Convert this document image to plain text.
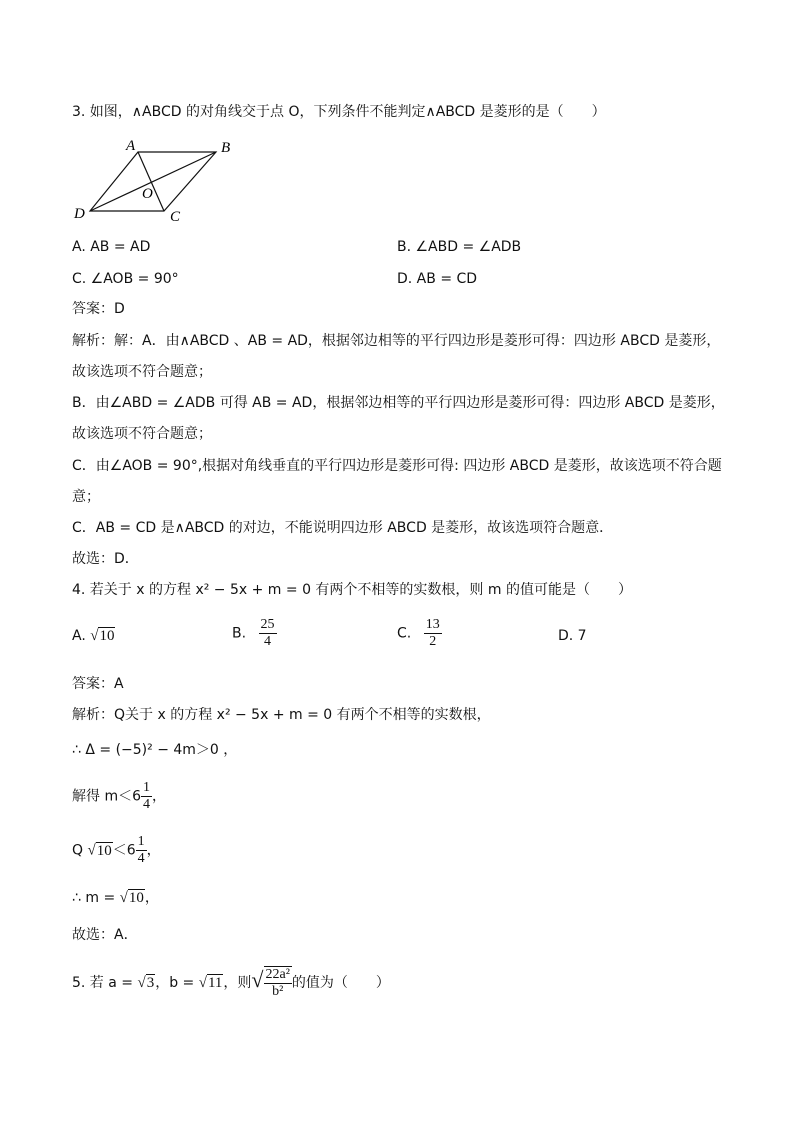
3. 如图，∧ABCD 的对角线交于点 O，下列条件不能判定∧ABCD 是菱形的是（　　）
A	B
C
D
O
A. AB = AD	B. ∠ABD = ∠ADB
C. ∠AOB = 90°	D. AB = CD
答案：D
解析：解：A．由∧ABCD 、AB = AD，根据邻边相等的平行四边形是菱形可得：四边形 ABCD 是菱形，
故该选项不符合题意；
B．由∠ABD = ∠ADB 可得 AB = AD，根据邻边相等的平行四边形是菱形可得：四边形 ABCD 是菱形，
故该选项不符合题意；
C．由∠AOB = 90°,根据对角线垂直的平行四边形是菱形可得: 四边形 ABCD 是菱形，故该选项不符合题
意；
C．AB = CD 是∧ABCD 的对边，不能说明四边形 ABCD 是菱形，故该选项符合题意．
故选：D．
4. 若关于 x 的方程 x² − 5x + m = 0 有两个不相等的实数根，则 m 的值可能是（　　）
A. √10	B. $\frac{25}{4}$	C. $\frac{13}{2}$	D. 7
答案：A
解析：Q关于 x 的方程 x² − 5x + m = 0 有两个不相等的实数根，
∴ Δ = (−5)² − 4m＞0 ，
解得 $m<6 \frac{1}{4}$ ，
Q $√10<6 \frac{1}{4}$ ，
∴ m = √10，
故选：A．
5. 若 a = √3，b = √11，则√ $\frac{\text{22a²}}{\text{b²}}$ 的值为（　　）
